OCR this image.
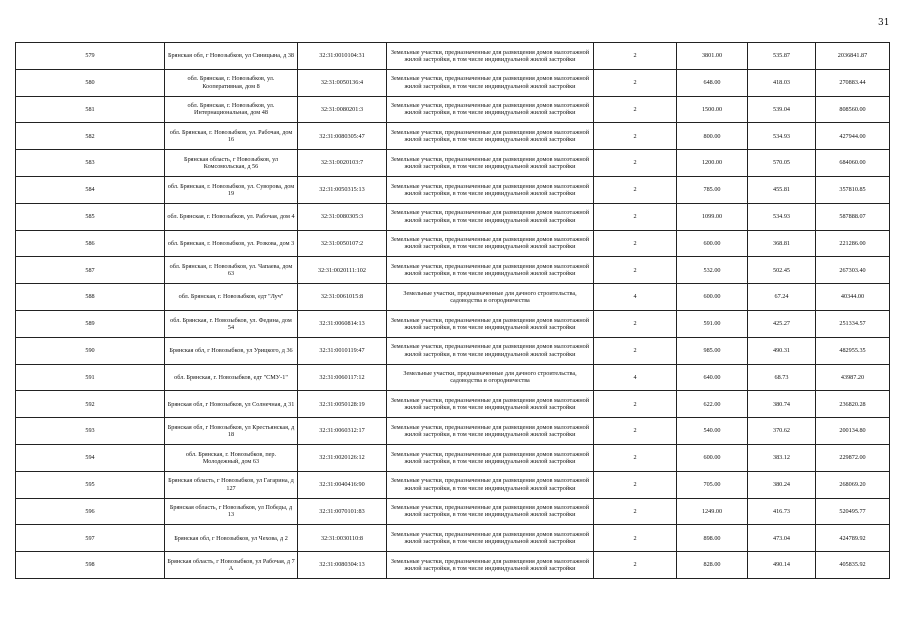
31
579	Брянская обл, г Новозыбков, ул Синицына, д 38	32:31:0010104:31	Земельные участки, предназначенные для размещения домов малоэтажной жилой застройки, в том числе индивидуальной жилой застройки	2	3801.00	535.87	2036841.87
580	обл. Брянская, г. Новозыбков, ул. Кооперативная, дом 8	32:31:0050136:4	Земельные участки, предназначенные для размещения домов малоэтажной жилой застройки, в том числе индивидуальной жилой застройки	2	648.00	418.03	270883.44
581	обл. Брянская, г. Новозыбков, ул. Интернациональная, дом 48	32:31:0080201:3	Земельные участки, предназначенные для размещения домов малоэтажной жилой застройки, в том числе индивидуальной жилой застройки	2	1500.00	539.04	808560.00
582	обл. Брянская, г. Новозыбков, ул. Рабочая, дом 16	32:31:0080305:47	Земельные участки, предназначенные для размещения домов малоэтажной жилой застройки, в том числе индивидуальной жилой застройки	2	800.00	534.93	427944.00
583	Брянская область, г Новозыбков, ул Комсомольская, д 56	32:31:0020103:7	Земельные участки, предназначенные для размещения домов малоэтажной жилой застройки, в том числе индивидуальной жилой застройки	2	1200.00	570.05	684060.00
584	обл. Брянская, г. Новозыбков, ул. Суворова, дом 19	32:31:0050315:13	Земельные участки, предназначенные для размещения домов малоэтажной жилой застройки, в том числе индивидуальной жилой застройки	2	785.00	455.81	357810.85
585	обл. Брянская, г. Новозыбков, ул. Рабочая, дом 4	32:31:0080305:3	Земельные участки, предназначенные для размещения домов малоэтажной жилой застройки, в том числе индивидуальной жилой застройки	2	1099.00	534.93	587888.07
586	обл. Брянская, г. Новозыбков, ул. Розкова, дом 3	32:31:0050107:2	Земельные участки, предназначенные для размещения домов малоэтажной жилой застройки, в том числе индивидуальной жилой застройки	2	600.00	368.81	221286.00
587	обл. Брянская, г. Новозыбков, ул. Чапаева, дом 63	32:31:0020111:102	Земельные участки, предназначенные для размещения домов малоэтажной жилой застройки, в том числе индивидуальной жилой застройки	2	532.00	502.45	267303.40
588	обл. Брянская, г. Новозыбков, едт "Луч"	32:31:0061015:8	Земельные участки, предназначенные для дачного строительства, садоводства и огородничества	4	600.00	67.24	40344.00
589	обл. Брянская, г. Новозыбков, ул. Федина, дом 54	32:31:0060814:13	Земельные участки, предназначенные для размещения домов малоэтажной жилой застройки, в том числе индивидуальной жилой застройки	2	591.00	425.27	251334.57
590	Брянская обл, г Новозыбков, ул Урицкого, д 36	32:31:0010119:47	Земельные участки, предназначенные для размещения домов малоэтажной жилой застройки, в том числе индивидуальной жилой застройки	2	985.00	490.31	482955.35
591	обл. Брянская, г. Новозыбков, едт "СМУ-1"	32:31:0060117:12	Земельные участки, предназначенные для дачного строительства, садоводства и огородничества	4	640.00	68.73	43987.20
592	Брянская обл, г Новозыбков, ул Солнечная, д 31	32:31:0050128:19	Земельные участки, предназначенные для размещения домов малоэтажной жилой застройки, в том числе индивидуальной жилой застройки	2	622.00	380.74	236820.28
593	Брянская обл, г Новозыбков, ул Крестьянская, д 18	32:31:0060312:17	Земельные участки, предназначенные для размещения домов малоэтажной жилой застройки, в том числе индивидуальной жилой застройки	2	540.00	370.62	200134.80
594	обл. Брянская, г. Новозыбков, пер. Молодежный, дом 63	32:31:0020126:12	Земельные участки, предназначенные для размещения домов малоэтажной жилой застройки, в том числе индивидуальной жилой застройки	2	600.00	383.12	229872.00
595	Брянская область, г Новозыбков, ул Гагарина, д 127	32:31:0040416:90	Земельные участки, предназначенные для размещения домов малоэтажной жилой застройки, в том числе индивидуальной жилой застройки	2	705.00	380.24	268069.20
596	Брянская область, г Новозыбков, ул Победы, д 13	32:31:0070101:83	Земельные участки, предназначенные для размещения домов малоэтажной жилой застройки, в том числе индивидуальной жилой застройки	2	1249.00	416.73	520495.77
597	Брянская обл, г Новозыбков, ул Чехова, д 2	32:31:0030110:8	Земельные участки, предназначенные для размещения домов малоэтажной жилой застройки, в том числе индивидуальной жилой застройки	2	898.00	473.04	424789.92
598	Брянская область, г Новозыбков, ул Рабочая, д 7 А	32:31:0080304:13	Земельные участки, предназначенные для размещения домов малоэтажной жилой застройки, в том числе индивидуальной жилой застройки	2	828.00	490.14	405835.92
